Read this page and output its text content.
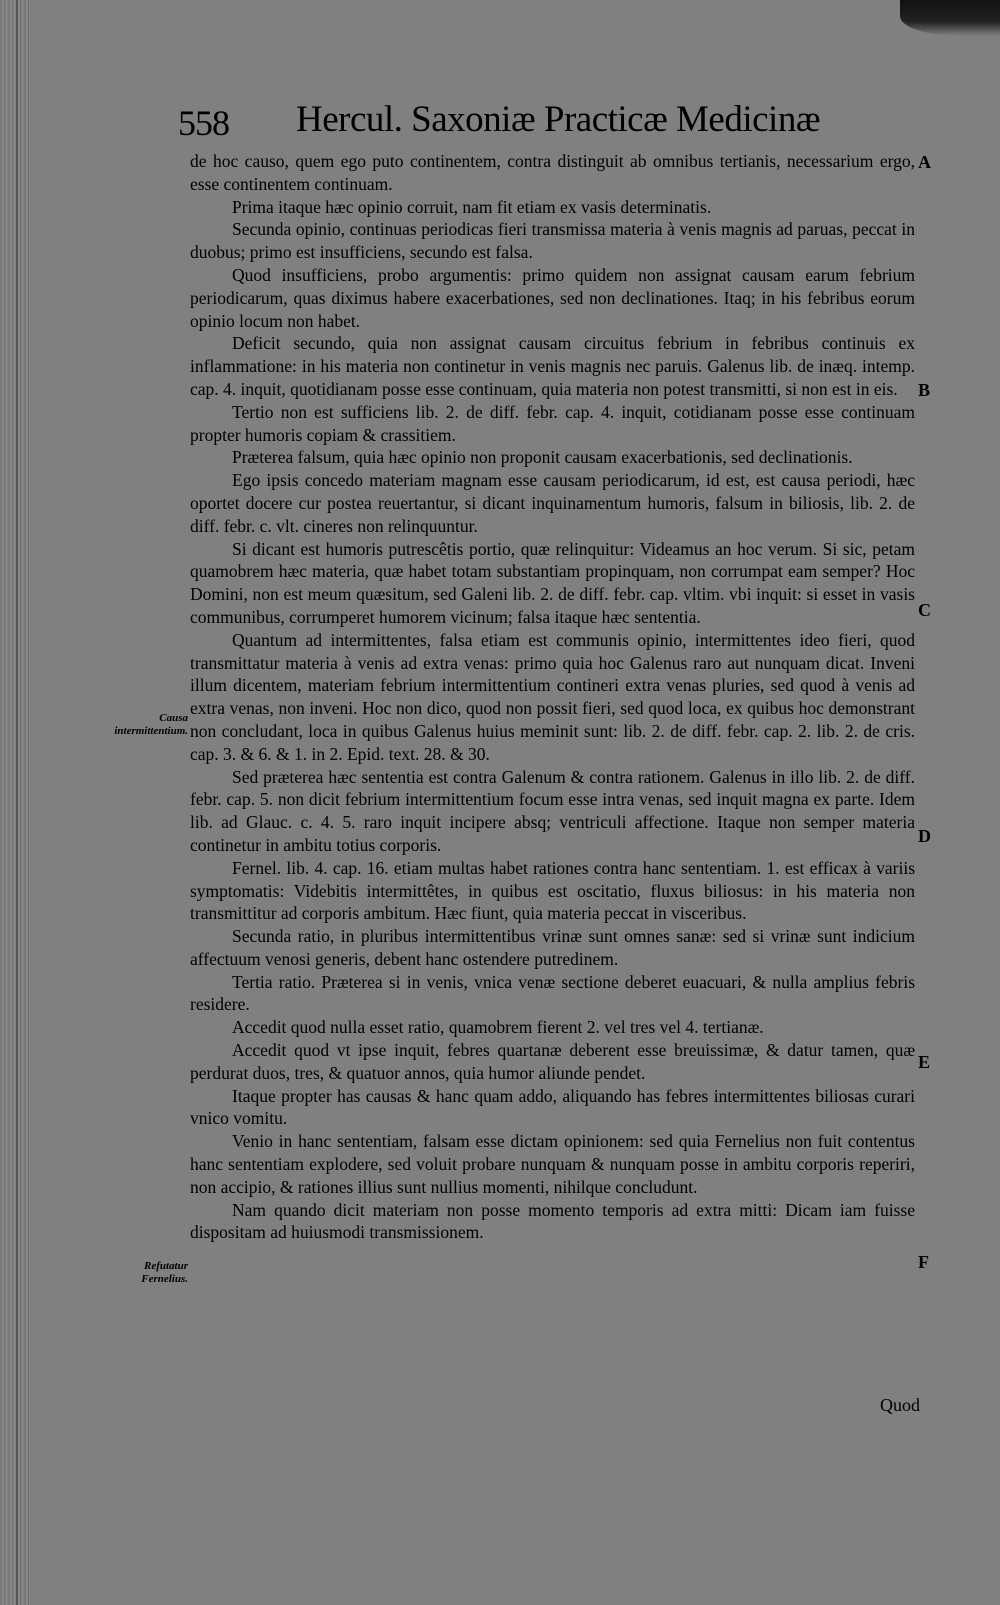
558 Hercul. Saxoniæ Practicæ Medicinæ

de hoc causo, quem ego puto continentem, contra distinguit ab omnibus tertianis, necessarium ergo, esse continentem continuam.

Prima itaque hæc opinio corruit, nam fit etiam ex vasis determinatis.

Secunda opinio, continuas periodicas fieri transmissa materia à venis magnis ad paruas, peccat in duobus; primo est insufficiens, secundo est falsa.

Quod insufficiens, probo argumentis: primo quidem non assignat causam earum febrium periodicarum, quas diximus habere exacerbationes, sed non declinationes. Itaq; in his febribus eorum opinio locum non habet.

Deficit secundo, quia non assignat causam circuitus febrium in febribus continuis ex inflammatione: in his materia non continetur in venis magnis nec paruis. Galenus lib. de inæq. intemp. cap. 4. inquit, quotidianam posse esse continuam, quia materia non potest transmitti, si non est in eis.

Tertio non est sufficiens lib. 2. de diff. febr. cap. 4. inquit, cotidianam posse esse continuam propter humoris copiam & crassitiem.

Præterea falsum, quia hæc opinio non proponit causam exacerbationis, sed declinationis.

Ego ipsis concedo materiam magnam esse causam periodicarum, id est, est causa periodi, hæc oportet docere cur postea reuertantur, si dicant inquinamentum humoris, falsum in biliosis, lib. 2. de diff. febr. c. vlt. cineres non relinquuntur.

Si dicant est humoris putrescêtis portio, quæ relinquitur: Videamus an hoc verum. Si sic, petam quamobrem hæc materia, quæ habet totam substantiam propinquam, non corrumpat eam semper? Hoc Domini, non est meum quæsitum, sed Galeni lib. 2. de diff. febr. cap. vltim. vbi inquit: si esset in vasis communibus, corrumperet humorem vicinum; falsa itaque hæc sententia.

Quantum ad intermittentes, falsa etiam est communis opinio, intermittentes ideo fieri, quod transmittatur materia à venis ad extra venas: primo quia hoc Galenus raro aut nunquam dicat. Inveni illum dicentem, materiam febrium intermittentium contineri extra venas pluries, sed quod à venis ad extra venas, non inveni. Hoc non dico, quod non possit fieri, sed quod loca, ex quibus hoc demonstrant non concludant, loca in quibus Galenus huius meminit sunt: lib. 2. de diff. febr. cap. 2. lib. 2. de cris. cap. 3. & 6. & 1. in 2. Epid. text. 28. & 30.

Sed præterea hæc sententia est contra Galenum & contra rationem. Galenus in illo lib. 2. de diff. febr. cap. 5. non dicit febrium intermittentium focum esse intra venas, sed inquit magna ex parte. Idem lib. ad Glauc. c. 4. 5. raro inquit incipere absq; ventriculi affectione. Itaque non semper materia continetur in ambitu totius corporis.

Fernel. lib. 4. cap. 16. etiam multas habet rationes contra hanc sententiam. 1. est efficax à variis symptomatis: Videbitis intermittêtes, in quibus est oscitatio, fluxus biliosus: in his materia non transmittitur ad corporis ambitum. Hæc fiunt, quia materia peccat in visceribus.

Secunda ratio, in pluribus intermittentibus vrinæ sunt omnes sanæ: sed si vrinæ sunt indicium affectuum venosi generis, debent hanc ostendere putredinem.

Tertia ratio. Præterea si in venis, vnica venæ sectione deberet euacuari, & nulla amplius febris residere.

Accedit quod nulla esset ratio, quamobrem fierent 2. vel tres vel 4. tertianæ.

Accedit quod vt ipse inquit, febres quartanæ deberent esse breuissimæ, & datur tamen, quæ perdurat duos, tres, & quatuor annos, quia humor aliunde pendet.

Itaque propter has causas & hanc quam addo, aliquando has febres intermittentes biliosas curari vnico vomitu.

Venio in hanc sententiam, falsam esse dictam opinionem: sed quia Fernelius non fuit contentus hanc sententiam explodere, sed voluit probare nunquam & nunquam posse in ambitu corporis reperiri, non accipio, & rationes illius sunt nullius momenti, nihilque concludunt.

Nam quando dicit materiam non posse momento temporis ad extra mitti: Dicam iam fuisse dispositam ad huiusmodi transmissionem.

A
B
C
D
E
F
Causa intermittentium.
Refutatur Fernelius.
Quod
